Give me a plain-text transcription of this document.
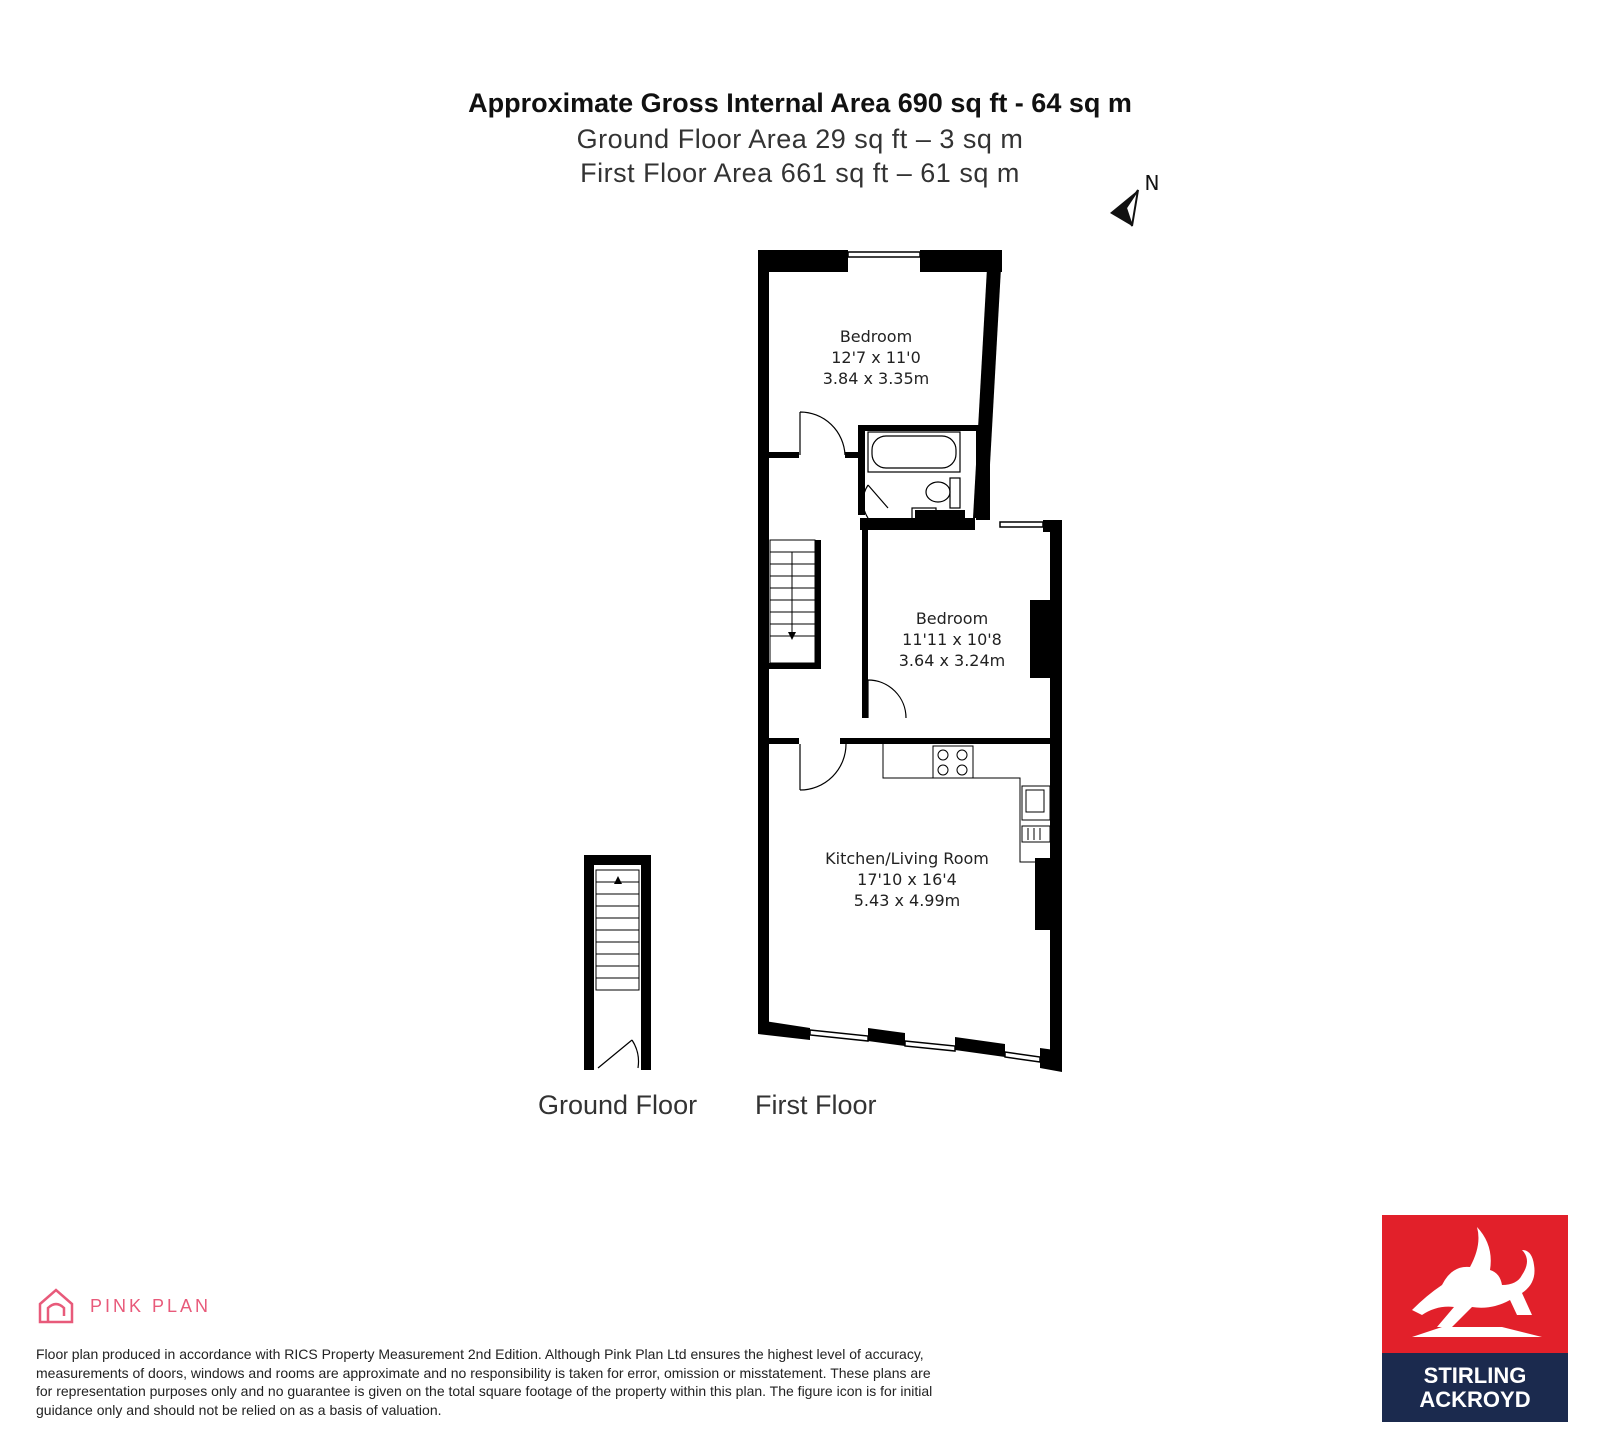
Approximate Gross Internal Area 690 sq ft - 64 sq m
Ground Floor Area 29 sq ft – 3 sq m
First Floor Area 661 sq ft – 61 sq m	N
Bedroom
12'7 x 11'0
3.84 x 3.35m
Bedroom
11'11 x 10'8
3.64 x 3.24m
Kitchen/Living Room
17'10 x 16'4
5.43 x 4.99m
Ground Floor First Floor
PINK PLAN
Floor plan produced in accordance with RICS Property Measurement 2nd Edition. Although Pink Plan Ltd ensures the highest level of accuracy, measurements of doors, windows and rooms are approximate and no responsibility is taken for error, omission or misstatement. These plans are for representation purposes only and no guarantee is given on the total square footage of the property within this plan. The figure icon is for initial guidance only and should not be relied on as a basis of valuation.
STIRLING
ACKROYD
